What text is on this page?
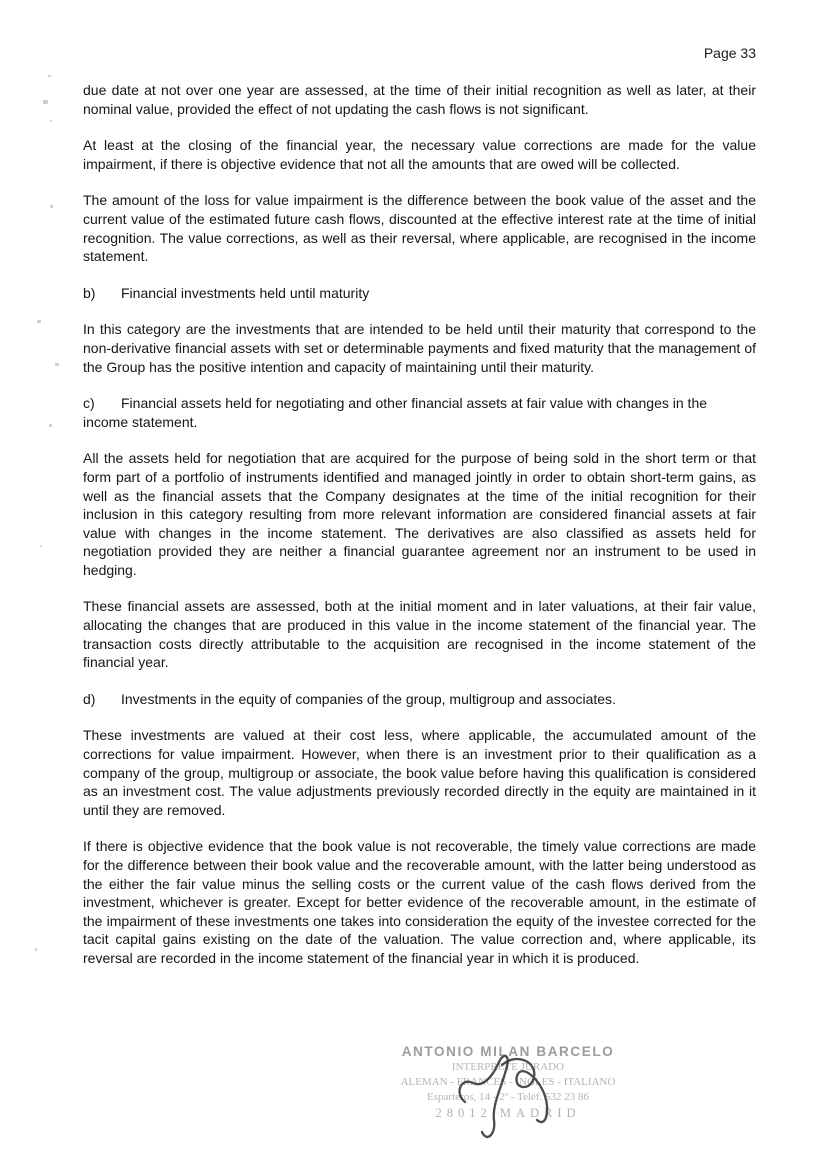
Page 33

due date at not over one year are assessed, at the time of their initial recognition as well as later, at their nominal value, provided the effect of not updating the cash flows is not significant.

At least at the closing of the financial year, the necessary value corrections are made for the value impairment, if there is objective evidence that not all the amounts that are owed will be collected.

The amount of the loss for value impairment is the difference between the book value of the asset and the current value of the estimated future cash flows, discounted at the effective interest rate at the time of initial recognition. The value corrections, as well as their reversal, where applicable, are recognised in the income statement.

b) Financial investments held until maturity

In this category are the investments that are intended to be held until their maturity that correspond to the non-derivative financial assets with set or determinable payments and fixed maturity that the management of the Group has the positive intention and capacity of maintaining until their maturity.

c) Financial assets held for negotiating and other financial assets at fair value with changes in the income statement.

All the assets held for negotiation that are acquired for the purpose of being sold in the short term or that form part of a portfolio of instruments identified and managed jointly in order to obtain short-term gains, as well as the financial assets that the Company designates at the time of the initial recognition for their inclusion in this category resulting from more relevant information are considered financial assets at fair value with changes in the income statement. The derivatives are also classified as assets held for negotiation provided they are neither a financial guarantee agreement nor an instrument to be used in hedging.

These financial assets are assessed, both at the initial moment and in later valuations, at their fair value, allocating the changes that are produced in this value in the income statement of the financial year. The transaction costs directly attributable to the acquisition are recognised in the income statement of the financial year.

d) Investments in the equity of companies of the group, multigroup and associates.

These investments are valued at their cost less, where applicable, the accumulated amount of the corrections for value impairment. However, when there is an investment prior to their qualification as a company of the group, multigroup or associate, the book value before having this qualification is considered as an investment cost. The value adjustments previously recorded directly in the equity are maintained in it until they are removed.

If there is objective evidence that the book value is not recoverable, the timely value corrections are made for the difference between their book value and the recoverable amount, with the latter being understood as the either the fair value minus the selling costs or the current value of the cash flows derived from the investment, whichever is greater. Except for better evidence of the recoverable amount, in the estimate of the impairment of these investments one takes into consideration the equity of the investee corrected for the tacit capital gains existing on the date of the valuation. The value correction and, where applicable, its reversal are recorded in the income statement of the financial year in which it is produced.

ANTONIO MILAN BARCELO
INTERPRETE JURADO
ALEMAN - FRANCES - INGLES - ITALIANO
Esparteros, 14 - 2º - Teléf. 532 23 86
28012 MADRID
